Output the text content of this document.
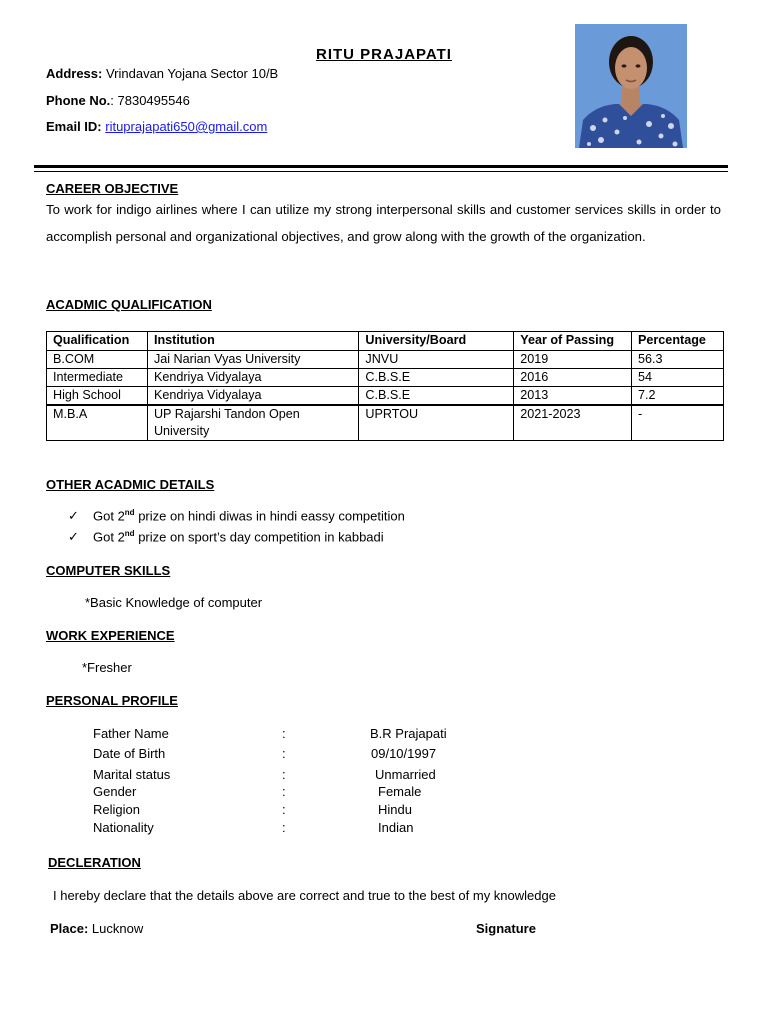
RITU PRAJAPATI
Address: Vrindavan Yojana Sector 10/B
Phone No.: 7830495546
Email ID: rituprajapati650@gmail.com
CAREER OBJECTIVE
To work for indigo airlines where I can utilize my strong interpersonal skills and customer services skills in order to accomplish personal and organizational objectives, and grow along with the growth of the organization.
ACADMIC QUALIFICATION
Qualification	Institution	University/Board	Year of Passing	Percentage
B.COM	Jai Narian Vyas University	JNVU	2019	56.3
Intermediate	Kendriya Vidyalaya	C.B.S.E	2016	54
High School	Kendriya Vidyalaya	C.B.S.E	2013	7.2
M.B.A	UP Rajarshi Tandon Open University	UPRTOU	2021-2023	-
OTHER ACADMIC DETAILS
✓ Got 2nd prize on hindi diwas in hindi eassy competition
✓ Got 2nd prize on sport’s day competition in kabbadi
COMPUTER SKILLS
*Basic Knowledge of computer
WORK EXPERIENCE
*Fresher
PERSONAL PROFILE
Father Name	:	B.R Prajapati
Date of Birth	:	09/10/1997
Marital status	:	Unmarried
Gender	:	Female
Religion	:	Hindu
Nationality	:	Indian
DECLERATION
I hereby declare that the details above are correct and true to the best of my knowledge
Place: Lucknow	Signature
